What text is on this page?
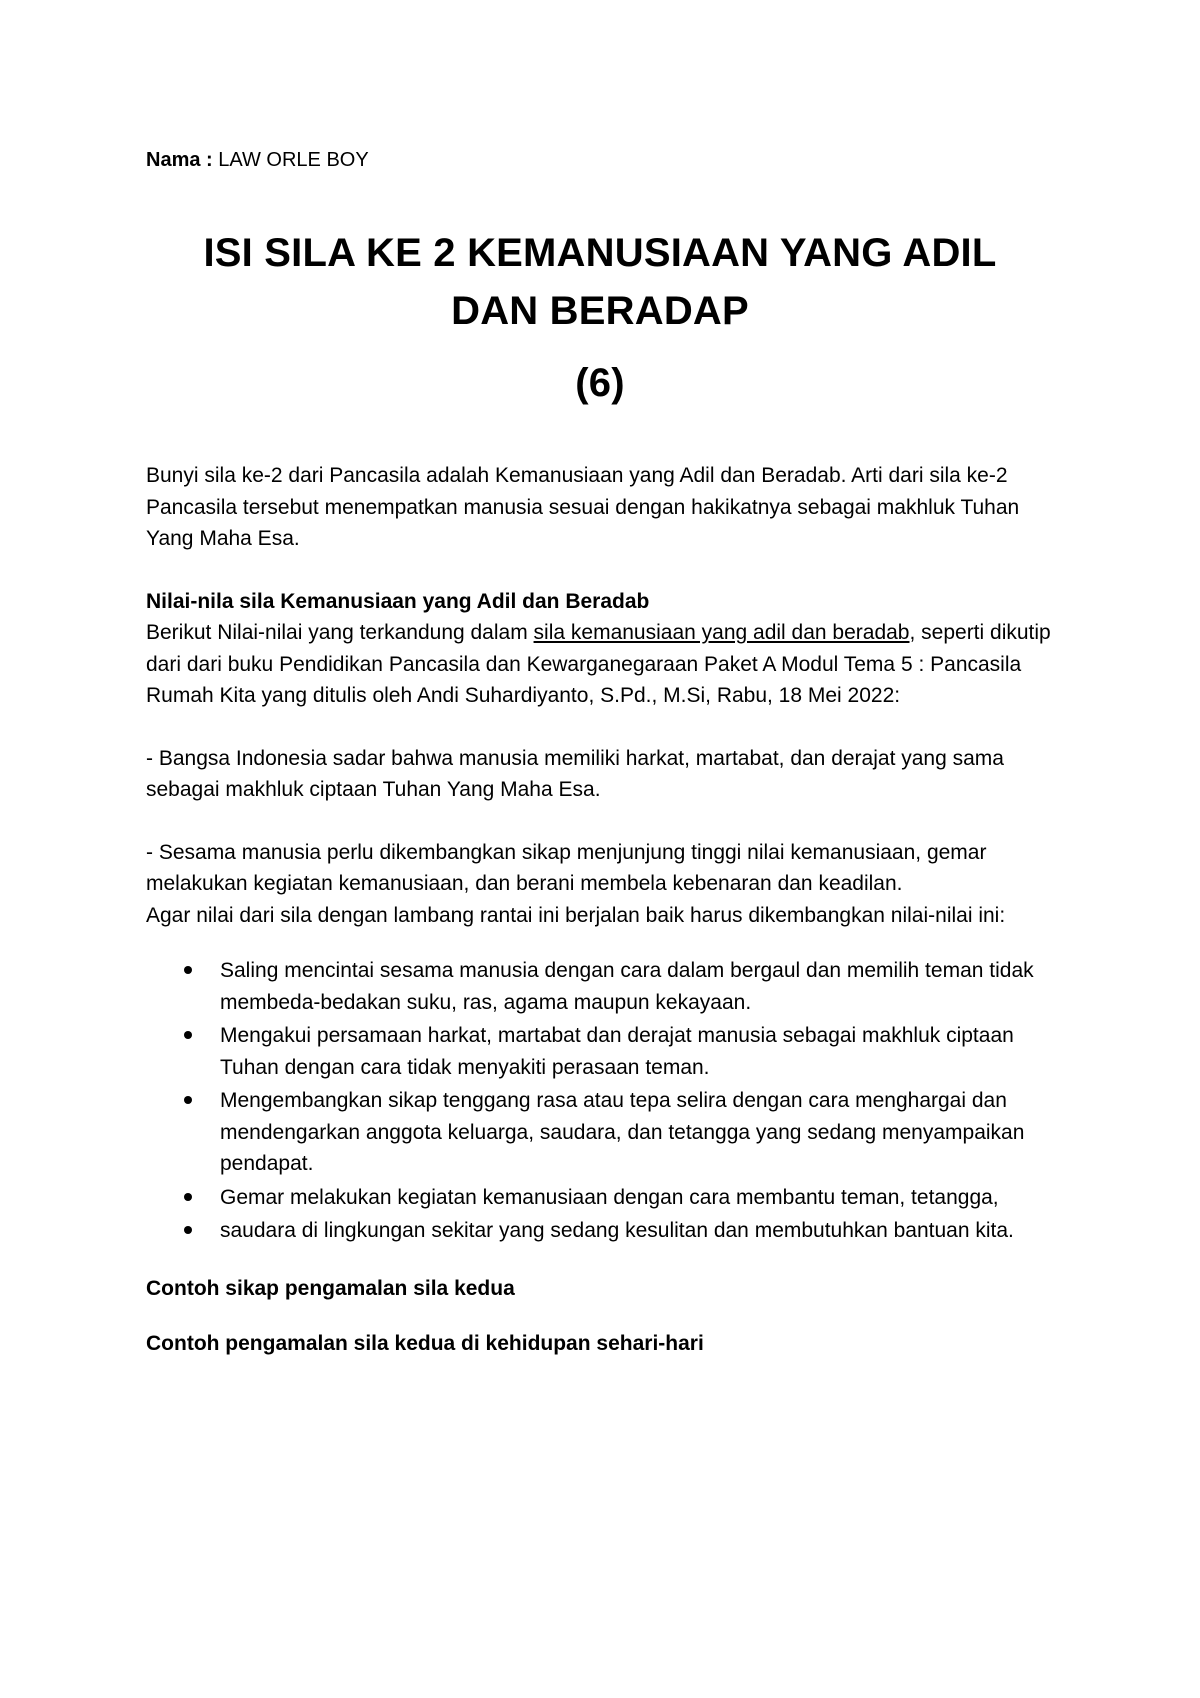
Nama : LAW ORLE BOY
ISI SILA KE 2 KEMANUSIAAN YANG ADIL
DAN BERADAP
(6)

Bunyi sila ke-2 dari Pancasila adalah Kemanusiaan yang Adil dan Beradab. Arti dari sila ke-2 Pancasila tersebut menempatkan manusia sesuai dengan hakikatnya sebagai makhluk Tuhan Yang Maha Esa.

Nilai-nila sila Kemanusiaan yang Adil dan Beradab

Berikut Nilai-nilai yang terkandung dalam sila kemanusiaan yang adil dan beradab, seperti dikutip dari dari buku Pendidikan Pancasila dan Kewarganegaraan Paket A Modul Tema 5 : Pancasila Rumah Kita yang ditulis oleh Andi Suhardiyanto, S.Pd., M.Si, Rabu, 18 Mei 2022:

- Bangsa Indonesia sadar bahwa manusia memiliki harkat, martabat, dan derajat yang sama sebagai makhluk ciptaan Tuhan Yang Maha Esa.

- Sesama manusia perlu dikembangkan sikap menjunjung tinggi nilai kemanusiaan, gemar melakukan kegiatan kemanusiaan, dan berani membela kebenaran dan keadilan.

Agar nilai dari sila dengan lambang rantai ini berjalan baik harus dikembangkan nilai-nilai ini:

Saling mencintai sesama manusia dengan cara dalam bergaul dan memilih teman tidak membeda-bedakan suku, ras, agama maupun kekayaan.
Mengakui persamaan harkat, martabat dan derajat manusia sebagai makhluk ciptaan Tuhan dengan cara tidak menyakiti perasaan teman.
Mengembangkan sikap tenggang rasa atau tepa selira dengan cara menghargai dan mendengarkan anggota keluarga, saudara, dan tetangga yang sedang menyampaikan pendapat.
Gemar melakukan kegiatan kemanusiaan dengan cara membantu teman, tetangga,
saudara di lingkungan sekitar yang sedang kesulitan dan membutuhkan bantuan kita.

Contoh sikap pengamalan sila kedua

Contoh pengamalan sila kedua di kehidupan sehari-hari
